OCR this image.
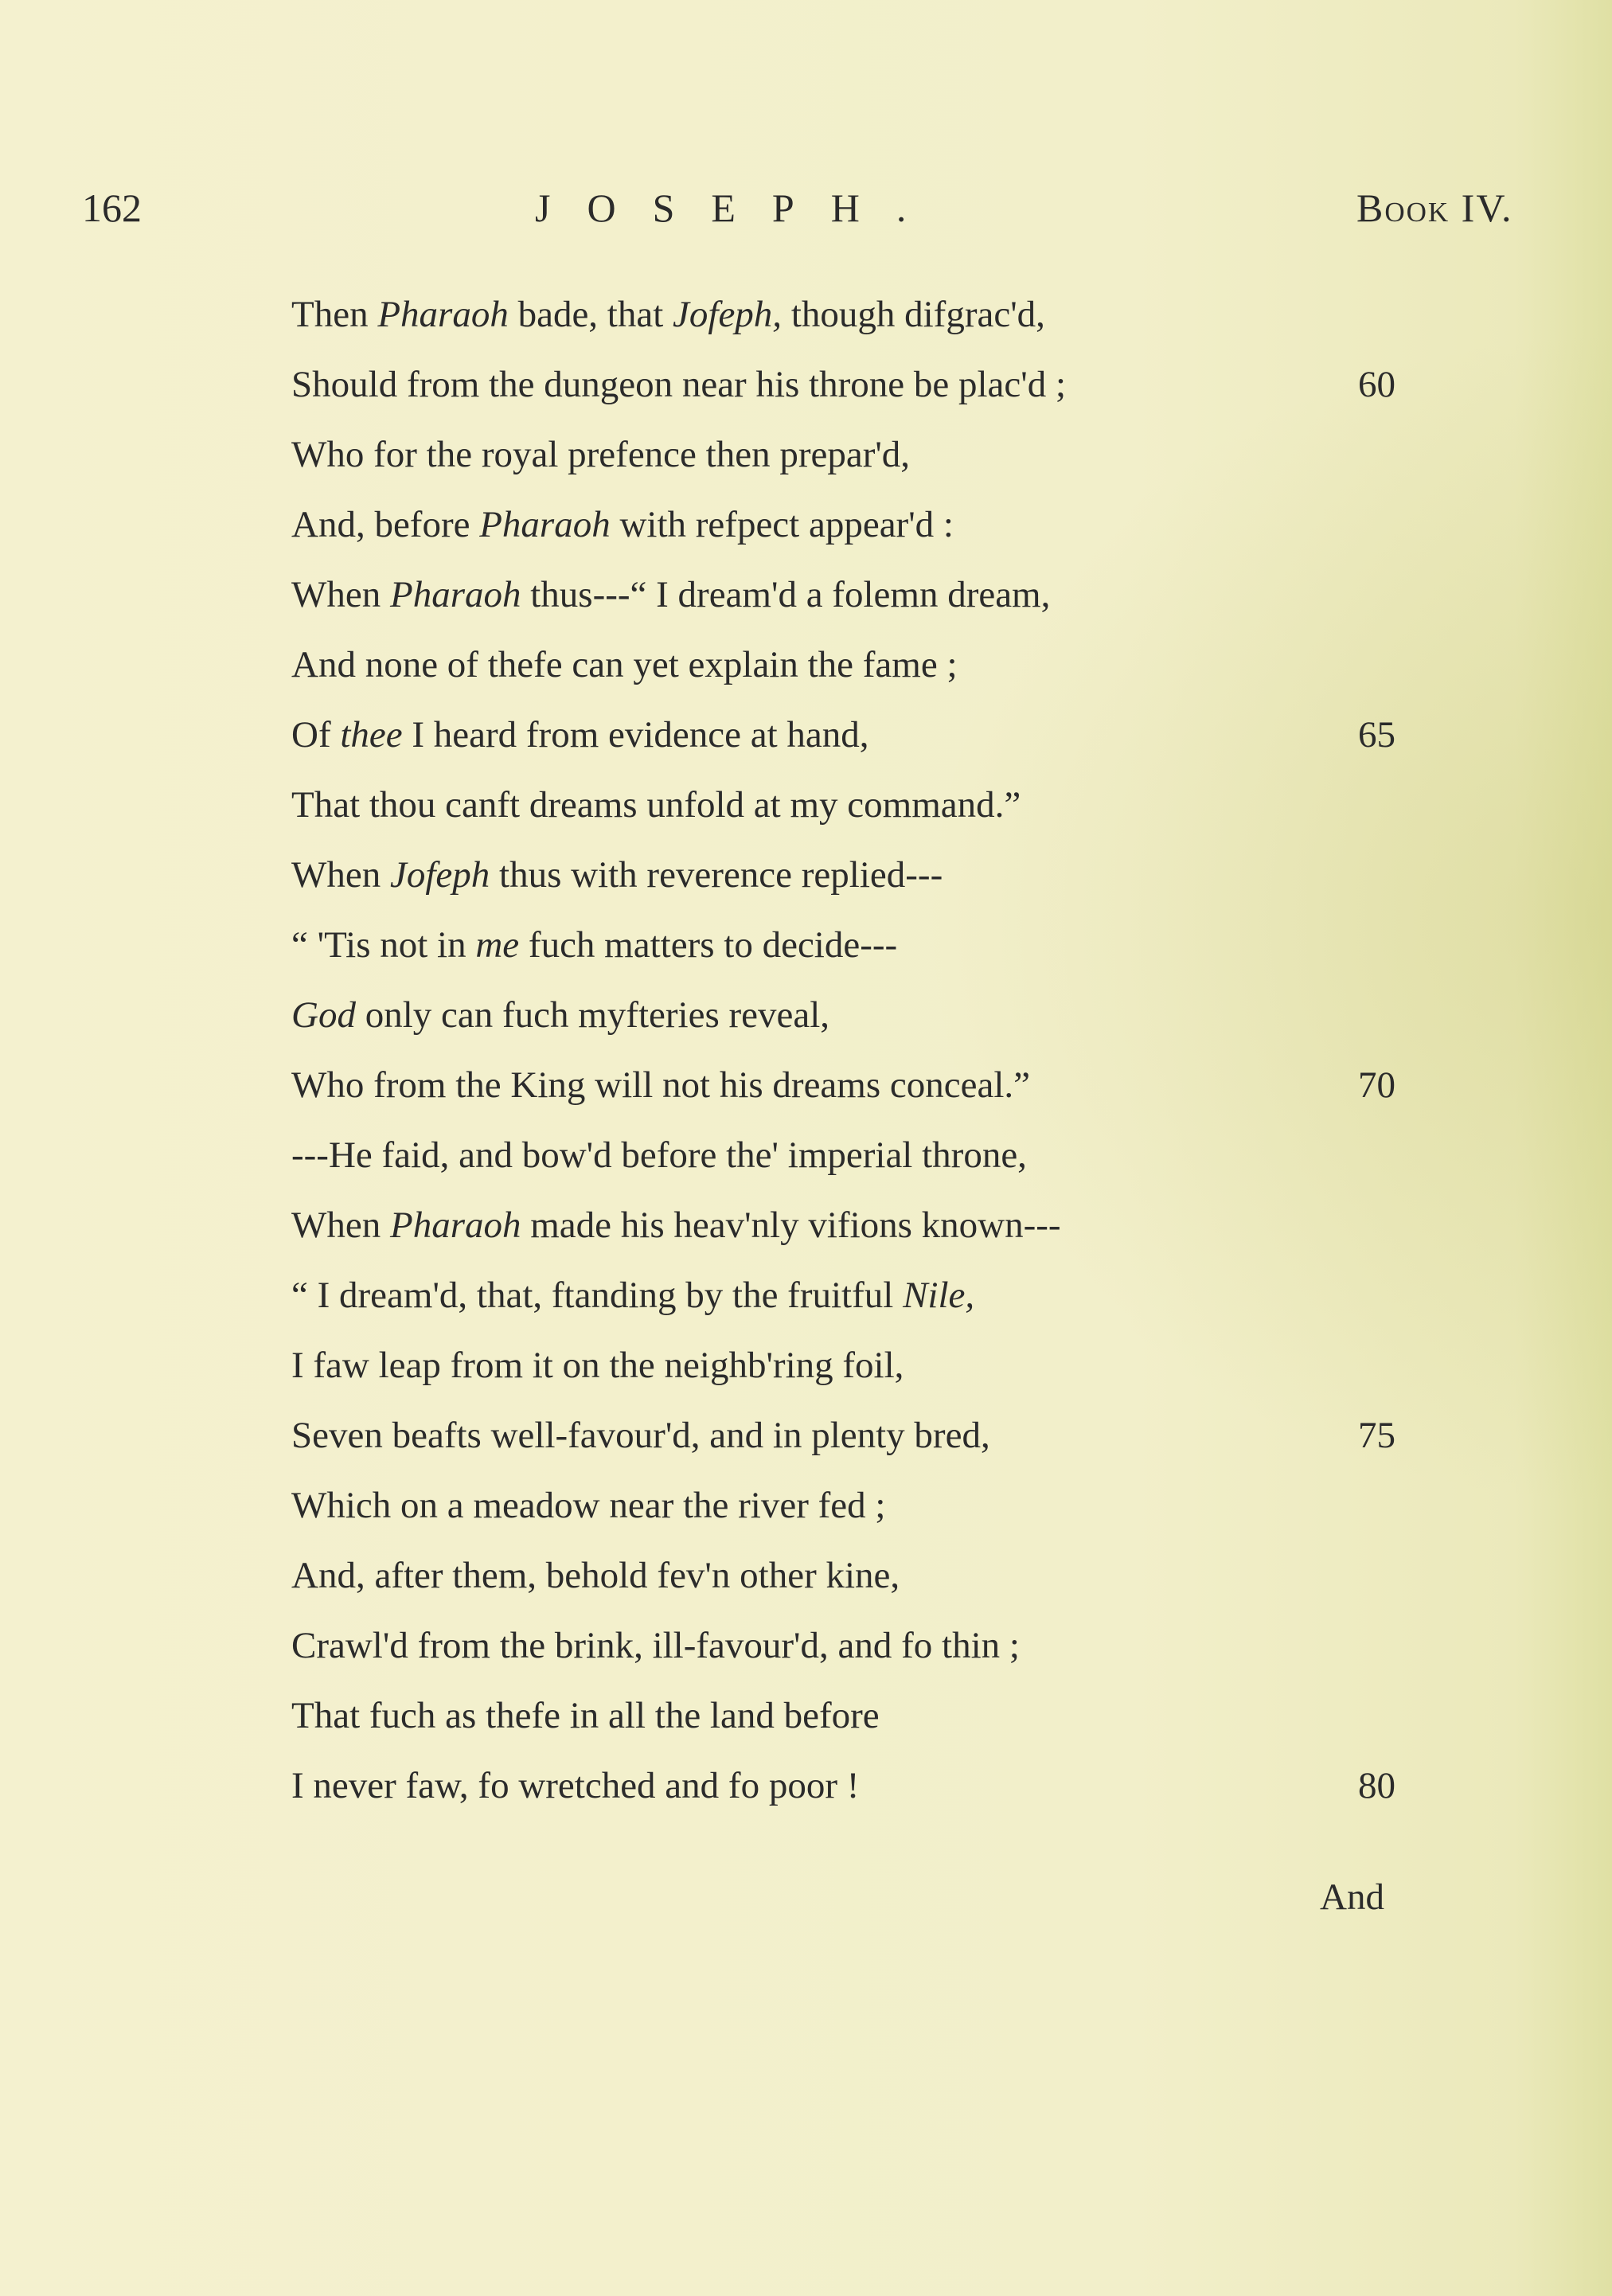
162	JOSEPH.	Book IV.
Then Pharaoh bade, that Jofeph, though difgrac'd,
Should from the dungeon near his throne be plac'd ;
Who for the royal prefence then prepar'd,
And, before Pharaoh with refpect appear'd :
When Pharaoh thus---“ I dream'd a folemn dream,
And none of thefe can yet explain the fame ;
Of thee I heard from evidence at hand,
That thou canft dreams unfold at my command.”
When Jofeph thus with reverence replied---
“ 'Tis not in me fuch matters to decide---
God only can fuch myfteries reveal,
Who from the King will not his dreams conceal.”
---He faid, and bow'd before the' imperial throne,
When Pharaoh made his heav'nly vifions known---
“ I dream'd, that, ftanding by the fruitful Nile,
I faw leap from it on the neighb'ring foil,
Seven beafts well-favour'd, and in plenty bred,
Which on a meadow near the river fed ;
And, after them, behold fev'n other kine,
Crawl'd from the brink, ill-favour'd, and fo thin ;
That fuch as thefe in all the land before
I never faw, fo wretched and fo poor !
60
65
70
75
80
And
